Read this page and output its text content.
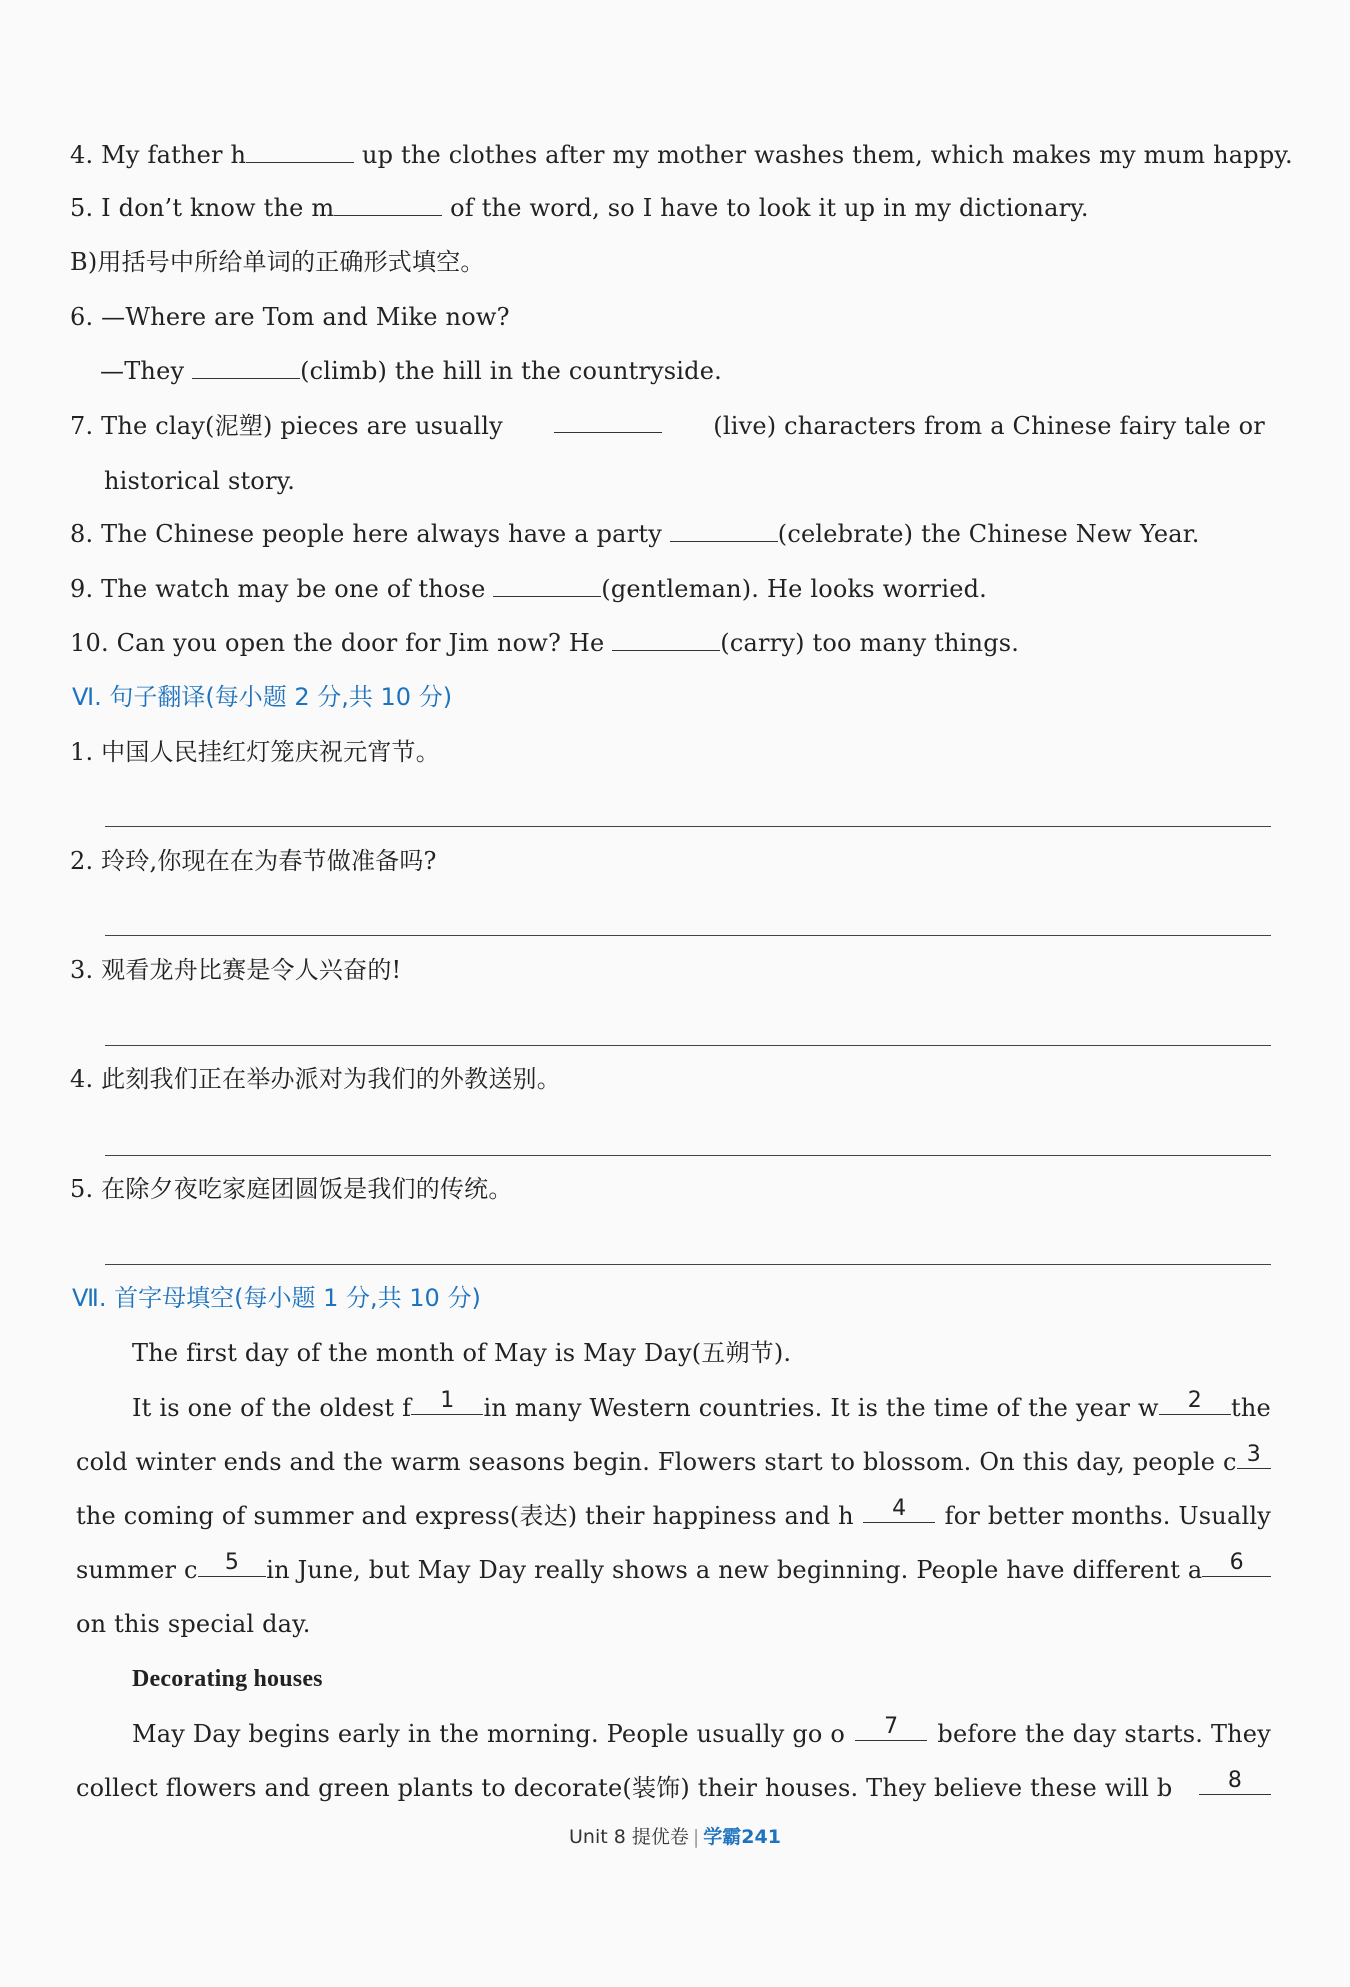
4. My father h	up the clothes after my mother washes them, which makes my mum happy.
5. I don’t know the m	of the word, so I have to look it up in my dictionary.
B)用括号中所给单词的正确形式填空。
6. —Where are Tom and Mike now?
—They	(climb) the hill in the countryside.
7. The clay(泥塑) pieces are usually	(live) characters from a Chinese fairy tale or
historical story.
8. The Chinese people here always have a party	(celebrate) the Chinese New Year.
9. The watch may be one of those	(gentleman). He looks worried.
10. Can you open the door for Jim now? He	(carry) too many things.
Ⅵ. 句子翻译(每小题 2 分,共 10 分)
1. 中国人民挂红灯笼庆祝元宵节。
2. 玲玲,你现在在为春节做准备吗?
3. 观看龙舟比赛是令人兴奋的!
4. 此刻我们正在举办派对为我们的外教送别。
5. 在除夕夜吃家庭团圆饭是我们的传统。
Ⅶ. 首字母填空(每小题 1 分,共 10 分)
The first day of the month of May is May Day(五朔节).
It is one of the oldest f	1	in many Western countries. It is the time of the year w	2	the
cold winter ends and the warm seasons begin. Flowers start to blossom. On this day, people c 3
the coming of summer and express(表达) their happiness and h	4	for better months. Usually
summer c	5	in June, but May Day really shows a new beginning. People have different a	6
on this special day.
Decorating houses
May Day begins early in the morning. People usually go o	7	before the day starts. They
collect flowers and green plants to decorate(装饰) their houses. They believe these will b	8
Unit 8 提优卷 | 学霸241
